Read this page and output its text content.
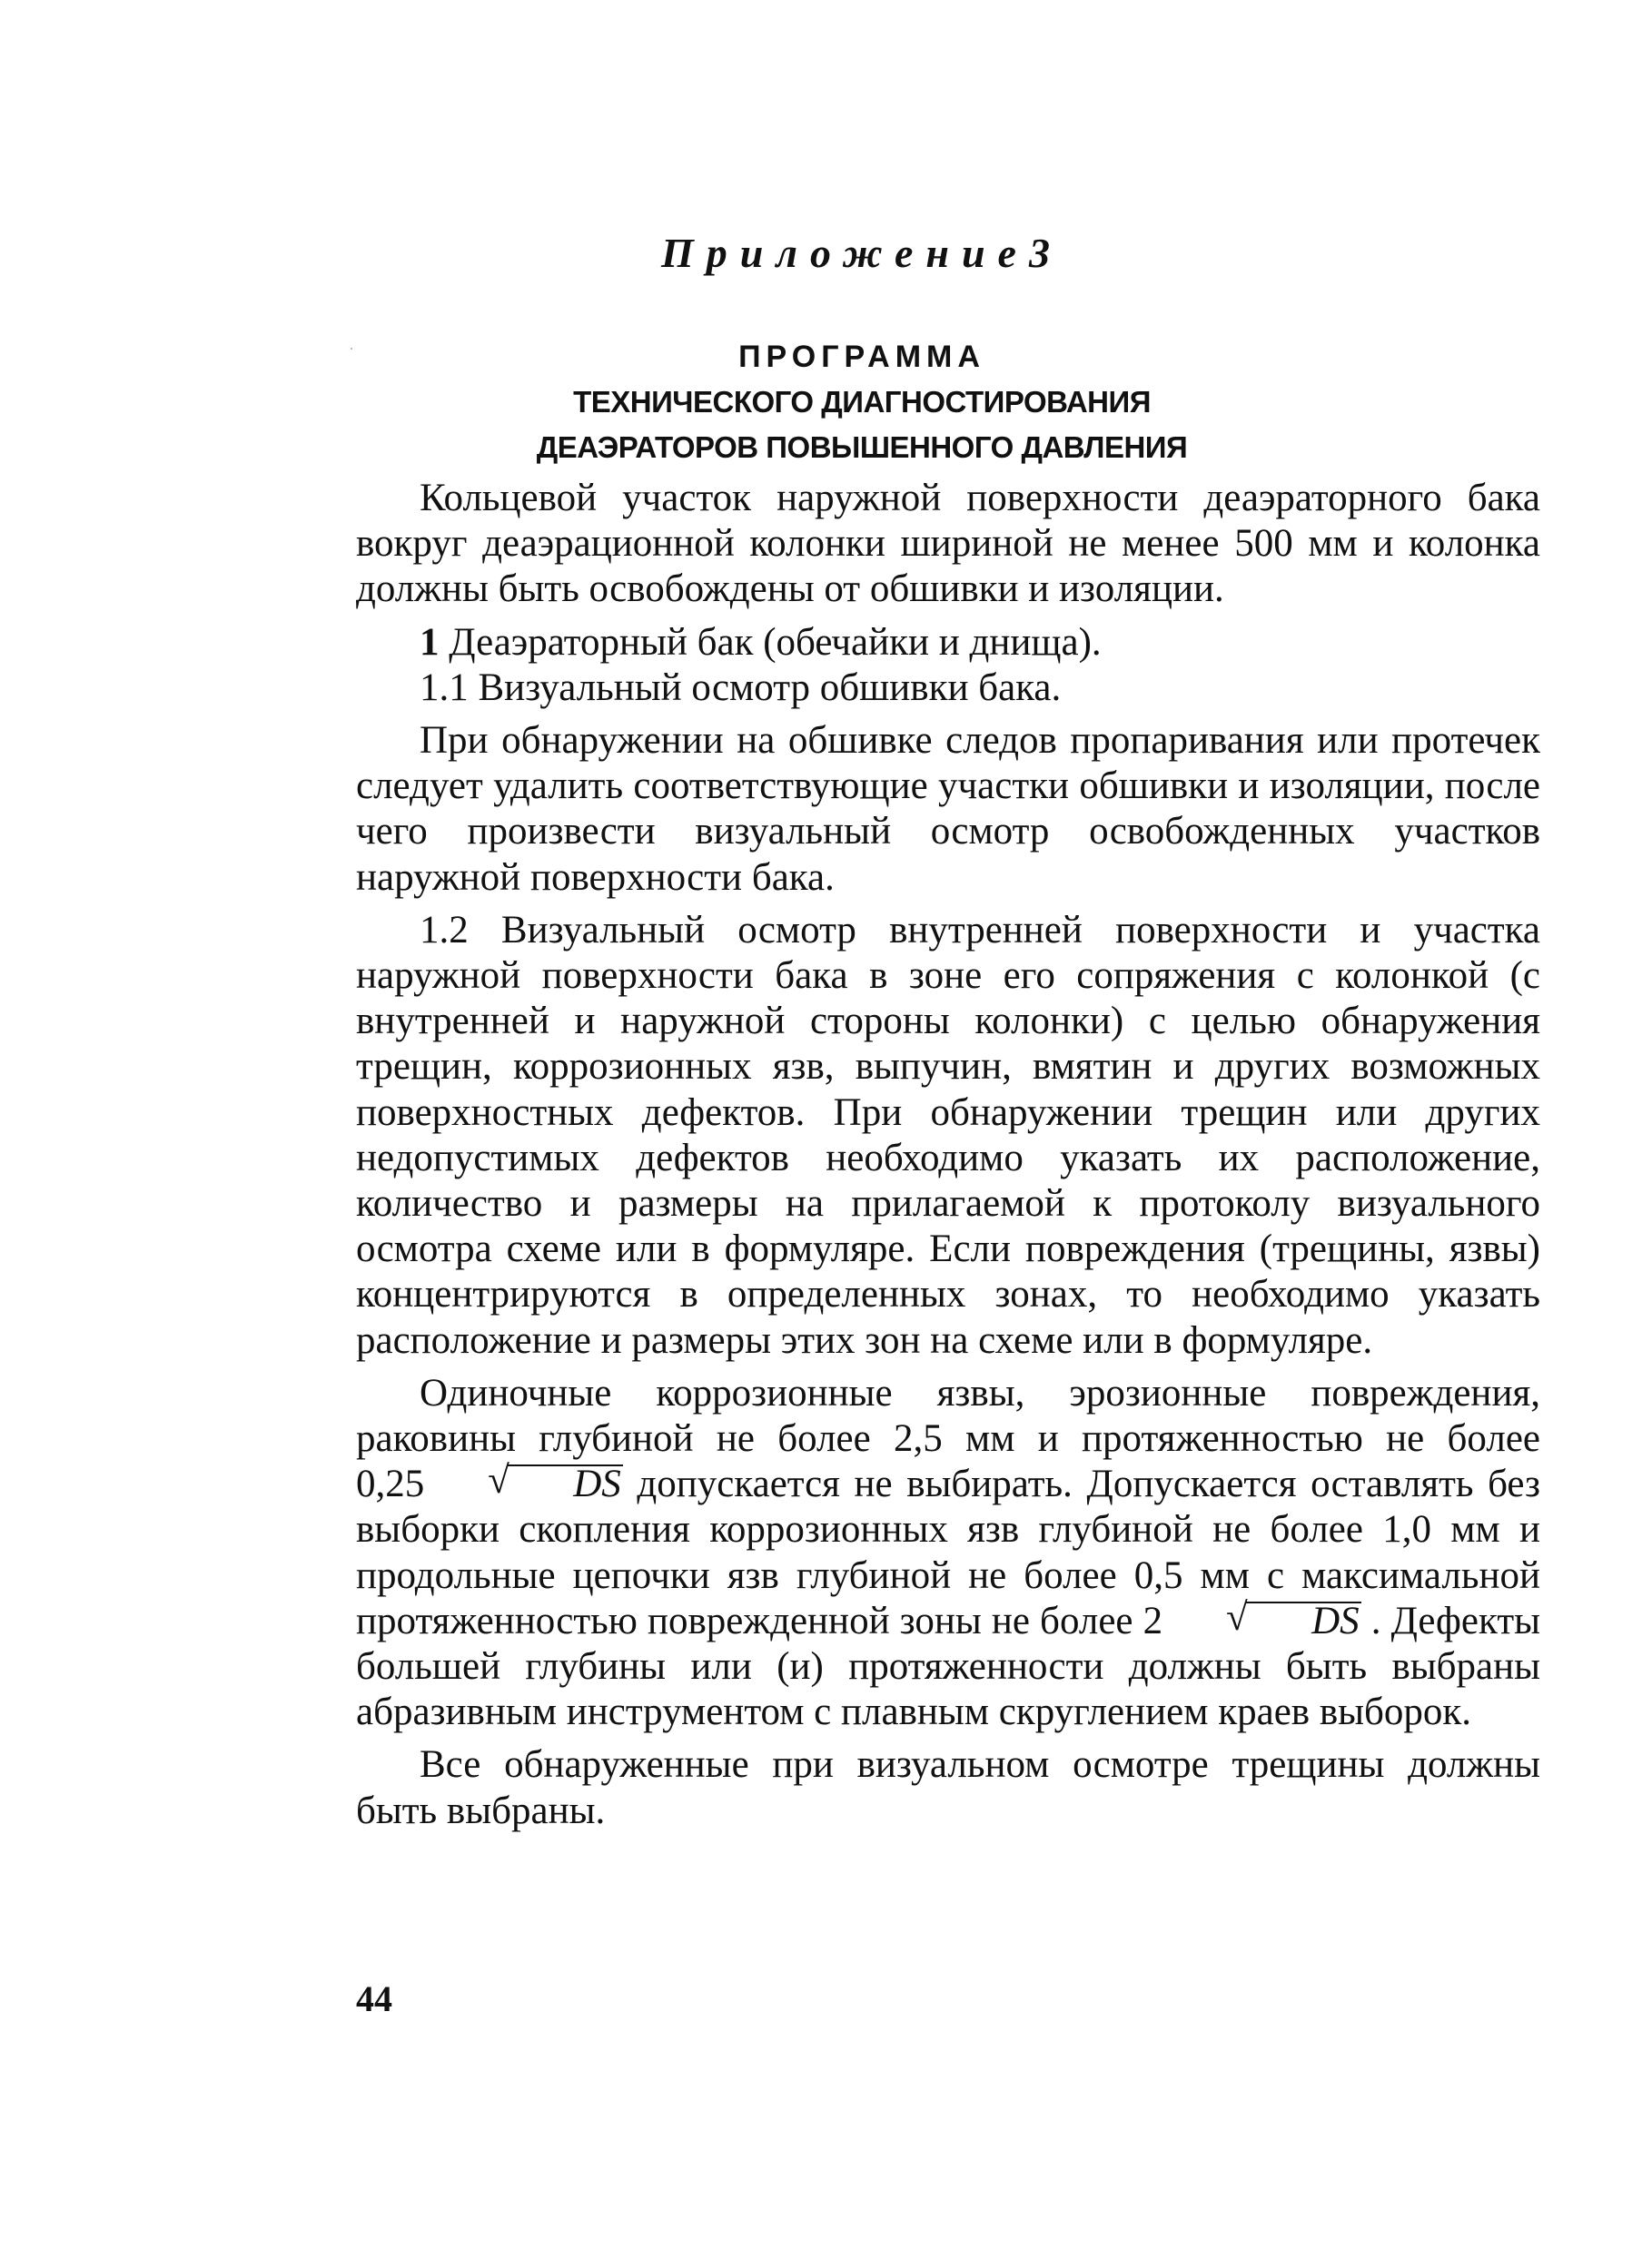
Приложение3
ПРОГРАММА
ТЕХНИЧЕСКОГО ДИАГНОСТИРОВАНИЯ
ДЕАЭРАТОРОВ ПОВЫШЕННОГО ДАВЛЕНИЯ

Кольцевой участок наружной поверхности деаэраторного бака вокруг деаэрационной колонки шириной не менее 500 мм и колонка должны быть освобождены от обшивки и изоляции.

1 Деаэраторный бак (обечайки и днища).

1.1 Визуальный осмотр обшивки бака.

При обнаружении на обшивке следов пропаривания или протечек следует удалить соответствующие участки обшивки и изоляции, после чего произвести визуальный осмотр освобожденных участков наружной поверхности бака.

1.2 Визуальный осмотр внутренней поверхности и участка наружной поверхности бака в зоне его сопряжения с колонкой (с внутренней и наружной стороны колонки) с целью обнаружения трещин, коррозионных язв, выпучин, вмятин и других возможных поверхностных дефектов. При обнаружении трещин или других недопустимых дефектов необходимо указать их расположение, количество и размеры на прилагаемой к протоколу визуального осмотра схеме или в формуляре. Если повреждения (трещины, язвы) концентрируются в определенных зонах, то необходимо указать расположение и размеры этих зон на схеме или в формуляре.

Одиночные коррозионные язвы, эрозионные повреждения, раковины глубиной не более 2,5 мм и протяженностью не более 0,25	√ DS допускается не выбирать. Допускается оставлять без выборки скопления коррозионных язв глубиной не более 1,0 мм и продольные цепочки язв глубиной не более 0,5 мм с максимальной протяженностью поврежденной зоны не более 2	√ DS . Дефекты большей глубины или (и) протяженности должны быть выбраны абразивным инструментом с плавным скруглением краев выборок.

Все обнаруженные при визуальном осмотре трещины должны быть выбраны.

44
